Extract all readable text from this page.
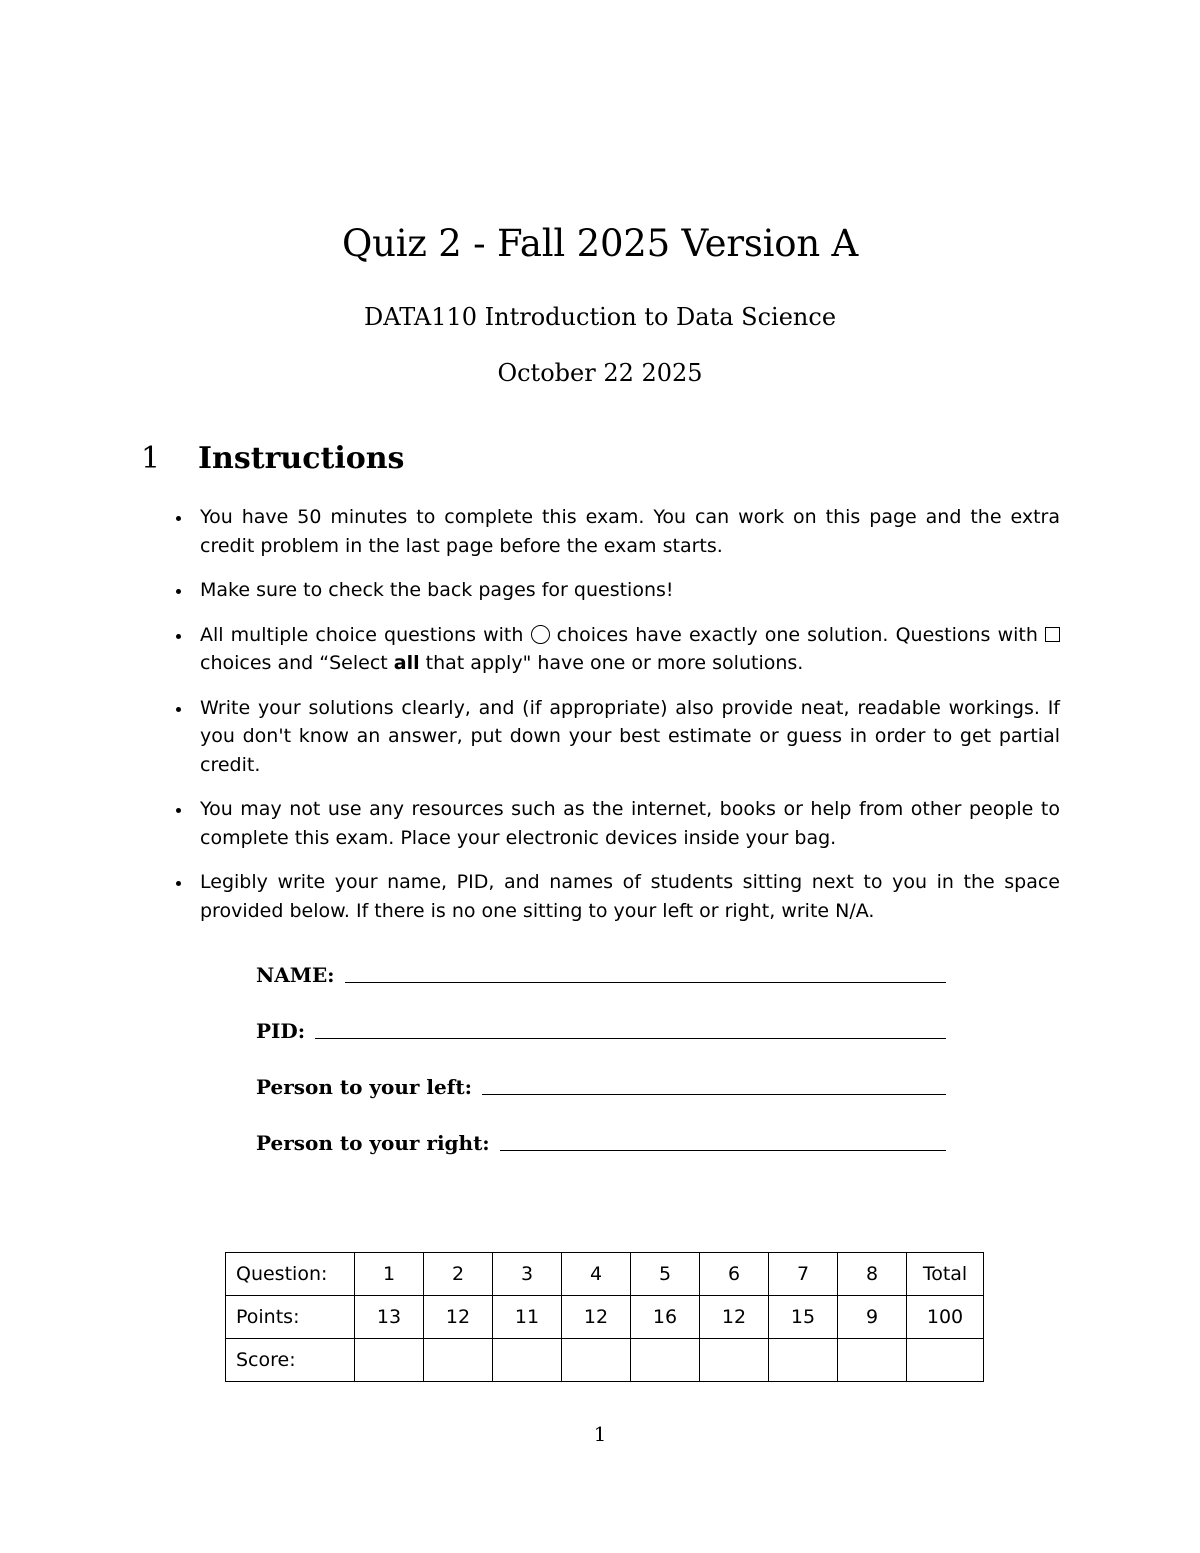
Quiz 2 - Fall 2025 Version A
DATA110 Introduction to Data Science
October 22 2025
1 Instructions
You have 50 minutes to complete this exam. You can work on this page and the extra credit problem in the last page before the exam starts.
Make sure to check the back pages for questions!
All multiple choice questions with choices have exactly one solution. Questions with  choices and “Select all that apply" have one or more solutions.
Write your solutions clearly, and (if appropriate) also provide neat, readable workings. If you don't know an answer, put down your best estimate or guess in order to get partial credit.
You may not use any resources such as the internet, books or help from other people to complete this exam. Place your electronic devices inside your bag.
Legibly write your name, PID, and names of students sitting next to you in the space provided below. If there is no one sitting to your left or right, write N/A.
NAME:
PID:
Person to your left:
Person to your right:
Question:	1	2	3	4	5	6	7	8	Total
Points:	13	12	11	12	16	12	15	9	100
Score:									
1
